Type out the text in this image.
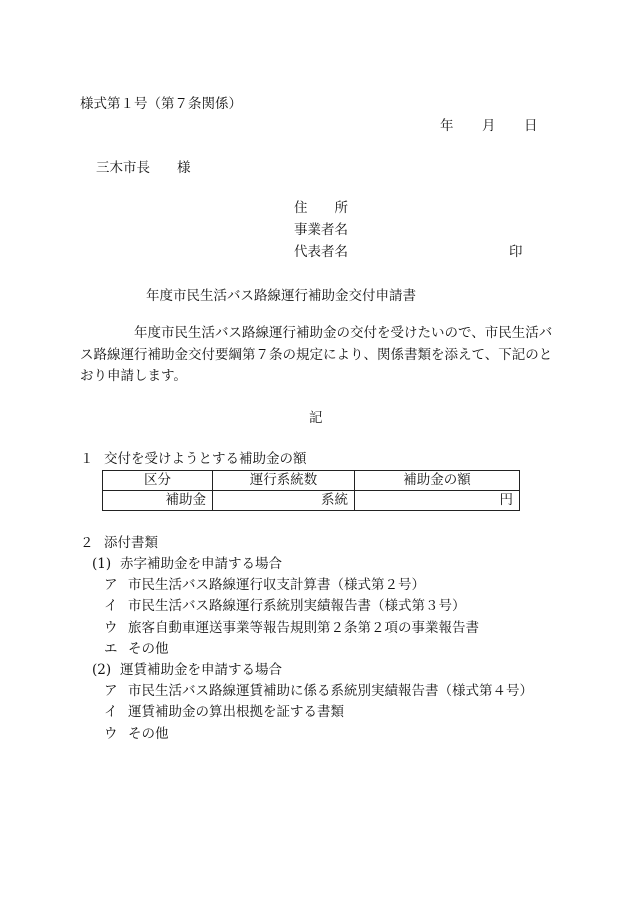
様式第１号（第７条関係）
年 月 日
三木市長　　様
住　　所
事業者名
代表者名	印
年度市民生活バス路線運行補助金交付申請書

　　　　年度市民生活バス路線運行補助金の交付を受けたいので、市民生活バ

ス路線運行補助金交付要綱第７条の規定により、関係書類を添えて、下記のと

おり申請します。

記
１ 交付を受けようとする補助金の額
区分	運行系統数	補助金の額
補助金	系統	円
２ 添付書類
(1) 赤字補助金を申請する場合
ア 市民生活バス路線運行収支計算書（様式第２号）
イ 市民生活バス路線運行系統別実績報告書（様式第３号）
ウ 旅客自動車運送事業等報告規則第２条第２項の事業報告書
エ その他
(2) 運賃補助金を申請する場合
ア 市民生活バス路線運賃補助に係る系統別実績報告書（様式第４号）
イ 運賃補助金の算出根拠を証する書類
ウ その他
